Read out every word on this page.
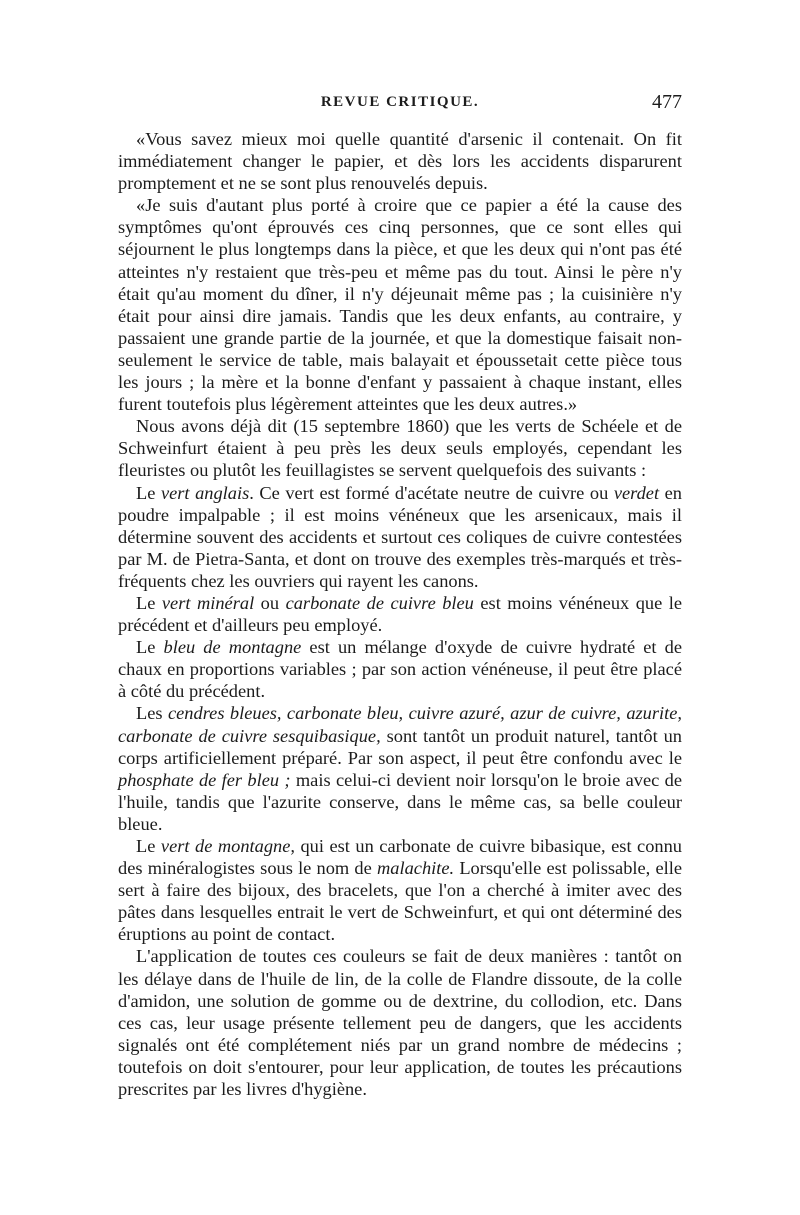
REVUE CRITIQUE.	477

«Vous savez mieux moi quelle quantité d'arsenic il contenait. On fit immédiatement changer le papier, et dès lors les accidents disparurent promptement et ne se sont plus renouvelés depuis.

«Je suis d'autant plus porté à croire que ce papier a été la cause des symptômes qu'ont éprouvés ces cinq personnes, que ce sont elles qui séjournent le plus longtemps dans la pièce, et que les deux qui n'ont pas été atteintes n'y restaient que très-peu et même pas du tout. Ainsi le père n'y était qu'au moment du dîner, il n'y déjeunait même pas ; la cuisinière n'y était pour ainsi dire jamais. Tandis que les deux enfants, au contraire, y passaient une grande partie de la journée, et que la domestique faisait non-seulement le service de table, mais balayait et époussetait cette pièce tous les jours ; la mère et la bonne d'enfant y passaient à chaque instant, elles furent toutefois plus légèrement atteintes que les deux autres.»

Nous avons déjà dit (15 septembre 1860) que les verts de Schéele et de Schweinfurt étaient à peu près les deux seuls employés, cependant les fleuristes ou plutôt les feuillagistes se servent quelquefois des suivants :

Le vert anglais. Ce vert est formé d'acétate neutre de cuivre ou verdet en poudre impalpable ; il est moins vénéneux que les arsenicaux, mais il détermine souvent des accidents et surtout ces coliques de cuivre contestées par M. de Pietra-Santa, et dont on trouve des exemples très-marqués et très-fréquents chez les ouvriers qui rayent les canons.

Le vert minéral ou carbonate de cuivre bleu est moins vénéneux que le précédent et d'ailleurs peu employé.

Le bleu de montagne est un mélange d'oxyde de cuivre hydraté et de chaux en proportions variables ; par son action vénéneuse, il peut être placé à côté du précédent.

Les cendres bleues, carbonate bleu, cuivre azuré, azur de cuivre, azurite, carbonate de cuivre sesquibasique, sont tantôt un produit naturel, tantôt un corps artificiellement préparé. Par son aspect, il peut être confondu avec le phosphate de fer bleu ; mais celui-ci devient noir lorsqu'on le broie avec de l'huile, tandis que l'azurite conserve, dans le même cas, sa belle couleur bleue.

Le vert de montagne, qui est un carbonate de cuivre bibasique, est connu des minéralogistes sous le nom de malachite. Lorsqu'elle est polissable, elle sert à faire des bijoux, des bracelets, que l'on a cherché à imiter avec des pâtes dans lesquelles entrait le vert de Schweinfurt, et qui ont déterminé des éruptions au point de contact.

L'application de toutes ces couleurs se fait de deux manières : tantôt on les délaye dans de l'huile de lin, de la colle de Flandre dissoute, de la colle d'amidon, une solution de gomme ou de dextrine, du collodion, etc. Dans ces cas, leur usage présente tellement peu de dangers, que les accidents signalés ont été complétement niés par un grand nombre de médecins ; toutefois on doit s'entourer, pour leur application, de toutes les précautions prescrites par les livres d'hygiène.
